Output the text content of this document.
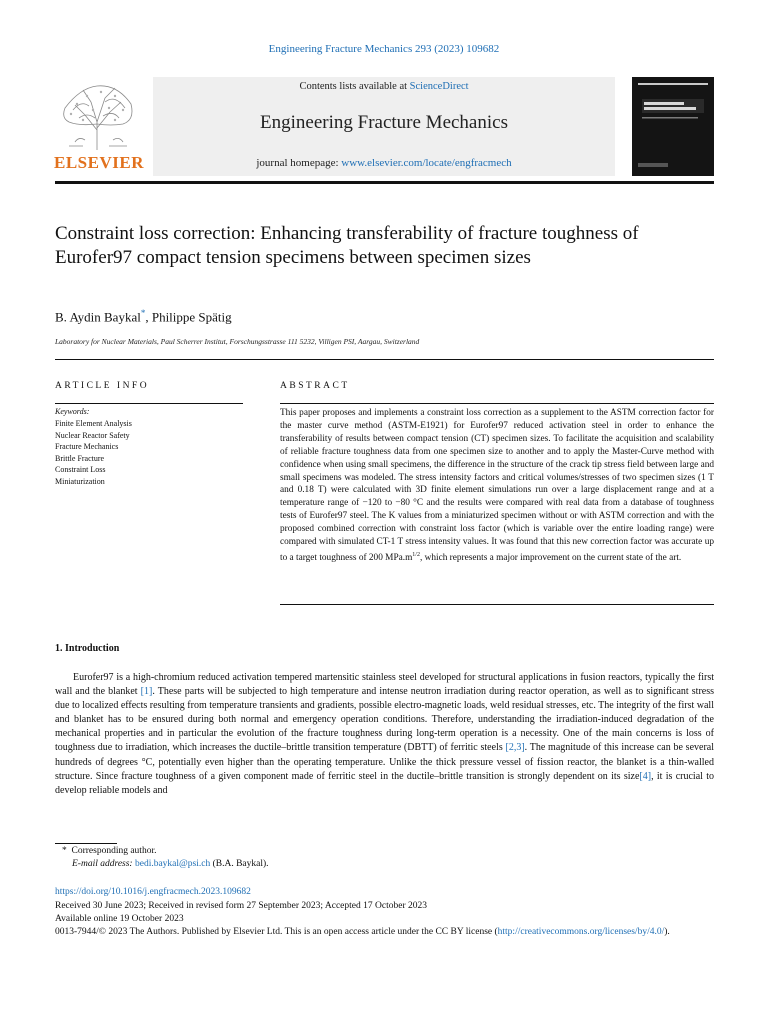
Engineering Fracture Mechanics 293 (2023) 109682
ELSEVIER
Contents lists available at ScienceDirect
Engineering Fracture Mechanics
journal homepage: www.elsevier.com/locate/engfracmech
Constraint loss correction: Enhancing transferability of fracture toughness of Eurofer97 compact tension specimens between specimen sizes
B. Aydin Baykal*, Philippe Spätig
Laboratory for Nuclear Materials, Paul Scherrer Institut, Forschungsstrasse 111 5232, Villigen PSI, Aargau, Switzerland
ARTICLE INFO	ABSTRACT
Keywords:
Finite Element Analysis
Nuclear Reactor Safety
Fracture Mechanics
Brittle Fracture
Constraint Loss
Miniaturization
This paper proposes and implements a constraint loss correction as a supplement to the ASTM correction factor for the master curve method (ASTM-E1921) for Eurofer97 reduced activation steel in order to enhance the transferability of results between compact tension (CT) specimen sizes. To facilitate the acquisition and scalability of reliable fracture toughness data from one specimen size to another and to apply the Master-Curve method with confidence when using small specimens, the difference in the structure of the crack tip stress field between large and small specimens was modeled. The stress intensity factors and critical volumes/stresses of two specimen sizes (1 T and 0.18 T) were calculated with 3D finite element simulations run over a large displacement range and at a temperature range of −120 to −80 °C and the results were compared with real data from a database of toughness tests of Eurofer97 steel. The K values from a miniaturized specimen without or with ASTM correction and with the proposed combined correction with constraint loss factor (which is variable over the entire loading range) were compared with simulated CT-1 T stress intensity values. It was found that this new correction factor was accurate up to a target toughness of 200 $MPa.m^{1/2}$, which represents a major improvement on the current state of the art.
1. Introduction
Eurofer97 is a high-chromium reduced activation tempered martensitic stainless steel developed for structural applications in fusion reactors, typically the first wall and the blanket [1]. These parts will be subjected to high temperature and intense neutron irradiation during reactor operation, as well as to significant stress due to localized effects resulting from temperature transients and gradients, possible electro-magnetic loads, weld residual stresses, etc. The integrity of the first wall and blanket has to be ensured during both normal and emergency operation conditions. Therefore, understanding the irradiation-induced degradation of the mechanical properties and in particular the evolution of the fracture toughness during long-term operation is a necessity. One of the main concerns is loss of toughness due to irradiation, which increases the ductile–brittle transition temperature (DBTT) of ferritic steels [2,3]. The magnitude of this increase can be several hundreds of degrees °C, potentially even higher than the operating temperature. Unlike the thick pressure vessel of fission reactor, the blanket is a thin-walled structure. Since fracture toughness of a given component made of ferritic steel in the ductile–brittle transition is strongly dependent on its size[4], it is crucial to develop reliable models and
*  Corresponding author.
E-mail address: bedi.baykal@psi.ch (B.A. Baykal).
https://doi.org/10.1016/j.engfracmech.2023.109682
Received 30 June 2023; Received in revised form 27 September 2023; Accepted 17 October 2023
Available online 19 October 2023
0013-7944/© 2023 The Authors. Published by Elsevier Ltd. This is an open access article under the CC BY license (http://creativecommons.org/licenses/by/4.0/).
